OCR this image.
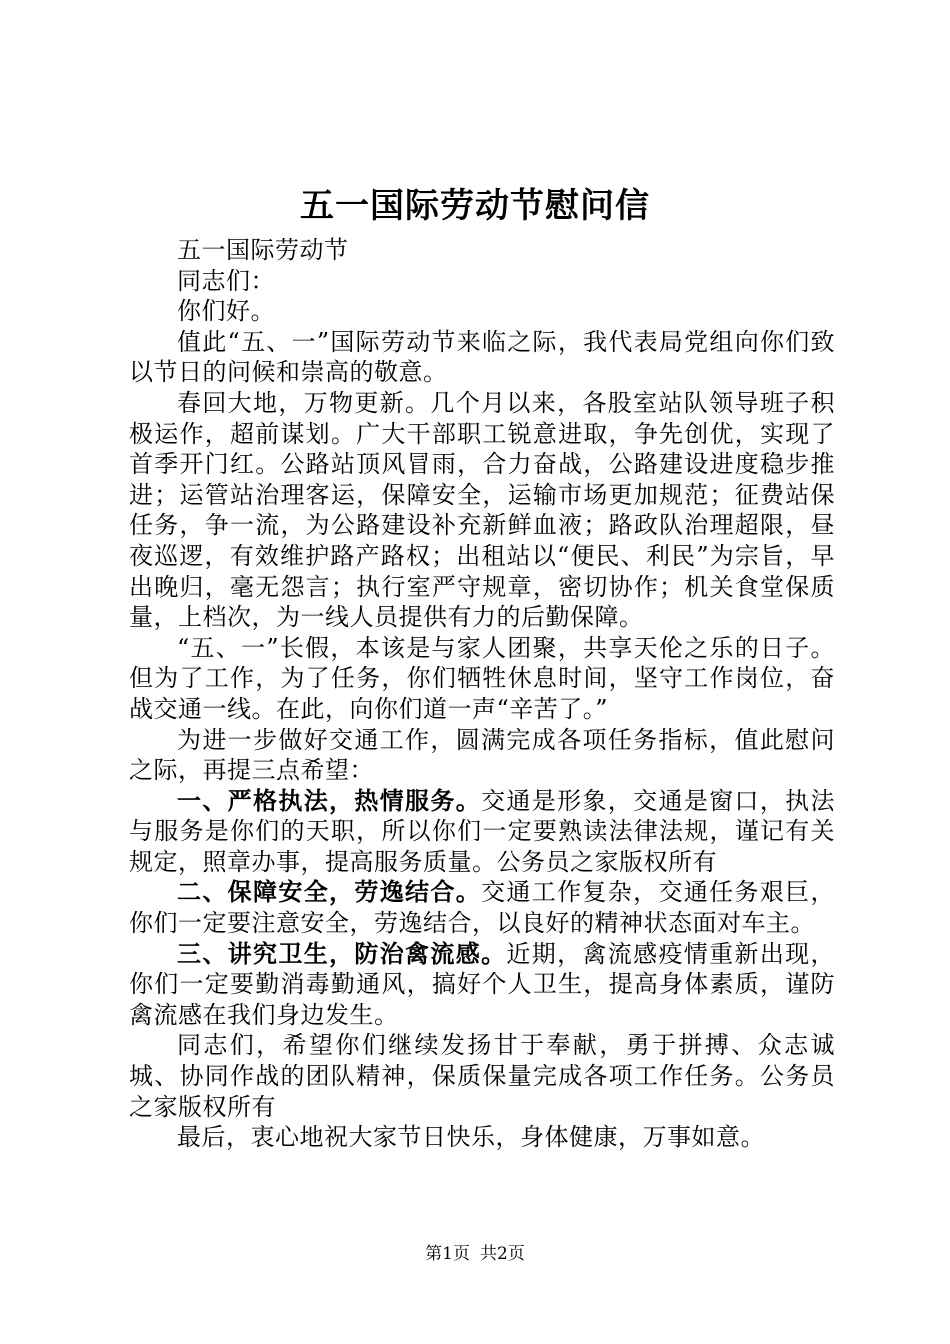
五一国际劳动节慰问信

五一国际劳动节

同志们：

你们好。

值此“五、一”国际劳动节来临之际，我代表局党组向你们致以节日的问候和崇高的敬意。

春回大地，万物更新。几个月以来，各股室站队领导班子积极运作，超前谋划。广大干部职工锐意进取，争先创优，实现了首季开门红。公路站顶风冒雨，合力奋战，公路建设进度稳步推进；运管站治理客运，保障安全，运输市场更加规范；征费站保任务，争一流，为公路建设补充新鲜血液；路政队治理超限，昼夜巡逻，有效维护路产路权；出租站以“便民、利民”为宗旨，早出晚归，毫无怨言；执行室严守规章，密切协作；机关食堂保质量，上档次，为一线人员提供有力的后勤保障。

“五、一”长假，本该是与家人团聚，共享天伦之乐的日子。但为了工作，为了任务，你们牺牲休息时间，坚守工作岗位，奋战交通一线。在此，向你们道一声“辛苦了。”

为进一步做好交通工作，圆满完成各项任务指标，值此慰问之际，再提三点希望：

一、严格执法，热情服务。交通是形象，交通是窗口，执法与服务是你们的天职，所以你们一定要熟读法律法规，谨记有关规定，照章办事，提高服务质量。公务员之家版权所有

二、保障安全，劳逸结合。交通工作复杂，交通任务艰巨，你们一定要注意安全，劳逸结合，以良好的精神状态面对车主。

三、讲究卫生，防治禽流感。近期，禽流感疫情重新出现，你们一定要勤消毒勤通风，搞好个人卫生，提高身体素质，谨防禽流感在我们身边发生。

同志们，希望你们继续发扬甘于奉献，勇于拼搏、众志诚城、协同作战的团队精神，保质保量完成各项工作任务。公务员之家版权所有

最后，衷心地祝大家节日快乐，身体健康，万事如意。

第1页 共2页
